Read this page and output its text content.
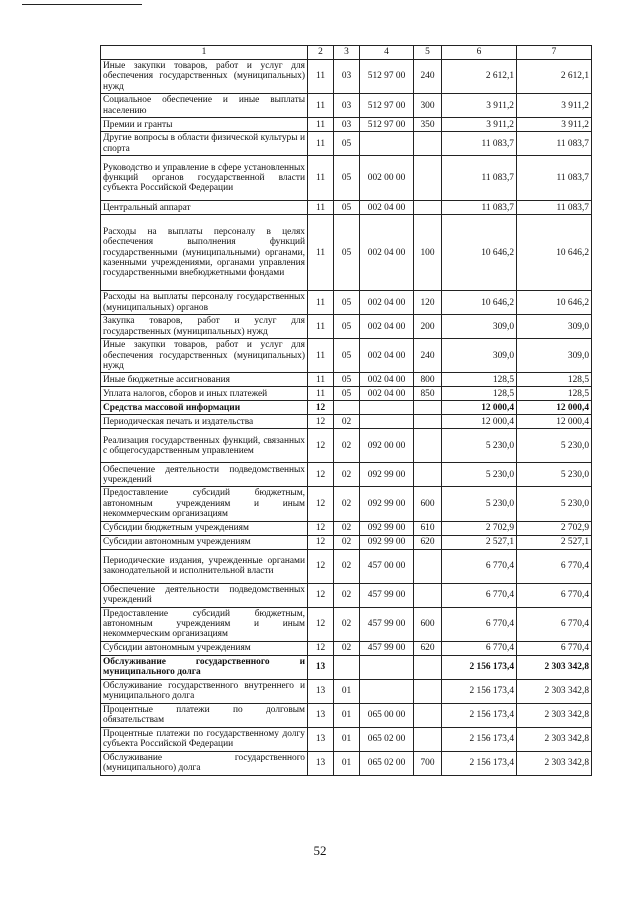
1	2	3	4	5	6	7
Иные закупки товаров, работ и услуг для обеспечения государственных (муниципальных) нужд	11	03	512 97 00	240	2 612,1	2 612,1
Социальное обеспечение и иные выплаты населению	11	03	512 97 00	300	3 911,2	3 911,2
Премии и гранты	11	03	512 97 00	350	3 911,2	3 911,2
Другие вопросы в области физической культуры и спорта	11	05			11 083,7	11 083,7
Руководство и управление в сфере установленных функций органов государственной власти субъекта Российской Федерации	11	05	002 00 00		11 083,7	11 083,7
Центральный аппарат	11	05	002 04 00		11 083,7	11 083,7
Расходы на выплаты персоналу в целях обеспечения выполнения функций государственными (муниципальными) органами, казенными учреждениями, органами управления государственными внебюджетными фондами	11	05	002 04 00	100	10 646,2	10 646,2
Расходы на выплаты персоналу государственных (муниципальных) органов	11	05	002 04 00	120	10 646,2	10 646,2
Закупка товаров, работ и услуг для государственных (муниципальных) нужд	11	05	002 04 00	200	309,0	309,0
Иные закупки товаров, работ и услуг для обеспечения государственных (муниципальных) нужд	11	05	002 04 00	240	309,0	309,0
Иные бюджетные ассигнования	11	05	002 04 00	800	128,5	128,5
Уплата налогов, сборов и иных платежей	11	05	002 04 00	850	128,5	128,5
Средства массовой информации	12				12 000,4	12 000,4
Периодическая печать и издательства	12	02			12 000,4	12 000,4
Реализация государственных функций, связанных с общегосударственным управлением	12	02	092 00 00		5 230,0	5 230,0
Обеспечение деятельности подведомственных учреждений	12	02	092 99 00		5 230,0	5 230,0
Предоставление субсидий бюджетным, автономным учреждениям и иным некоммерческим организациям	12	02	092 99 00	600	5 230,0	5 230,0
Субсидии бюджетным учреждениям	12	02	092 99 00	610	2 702,9	2 702,9
Субсидии автономным учреждениям	12	02	092 99 00	620	2 527,1	2 527,1
Периодические издания, учрежденные органами законодательной и исполнительной власти	12	02	457 00 00		6 770,4	6 770,4
Обеспечение деятельности подведомственных учреждений	12	02	457 99 00		6 770,4	6 770,4
Предоставление субсидий бюджетным, автономным учреждениям и иным некоммерческим организациям	12	02	457 99 00	600	6 770,4	6 770,4
Субсидии автономным учреждениям	12	02	457 99 00	620	6 770,4	6 770,4
Обслуживание государственного и муниципального долга	13				2 156 173,4	2 303 342,8
Обслуживание государственного внутреннего и муниципального долга	13	01			2 156 173,4	2 303 342,8
Процентные платежи по долговым обязательствам	13	01	065 00 00		2 156 173,4	2 303 342,8
Процентные платежи по государственному долгу субъекта Российской Федерации	13	01	065 02 00		2 156 173,4	2 303 342,8
Обслуживание государственного (муниципального) долга	13	01	065 02 00	700	2 156 173,4	2 303 342,8
52
